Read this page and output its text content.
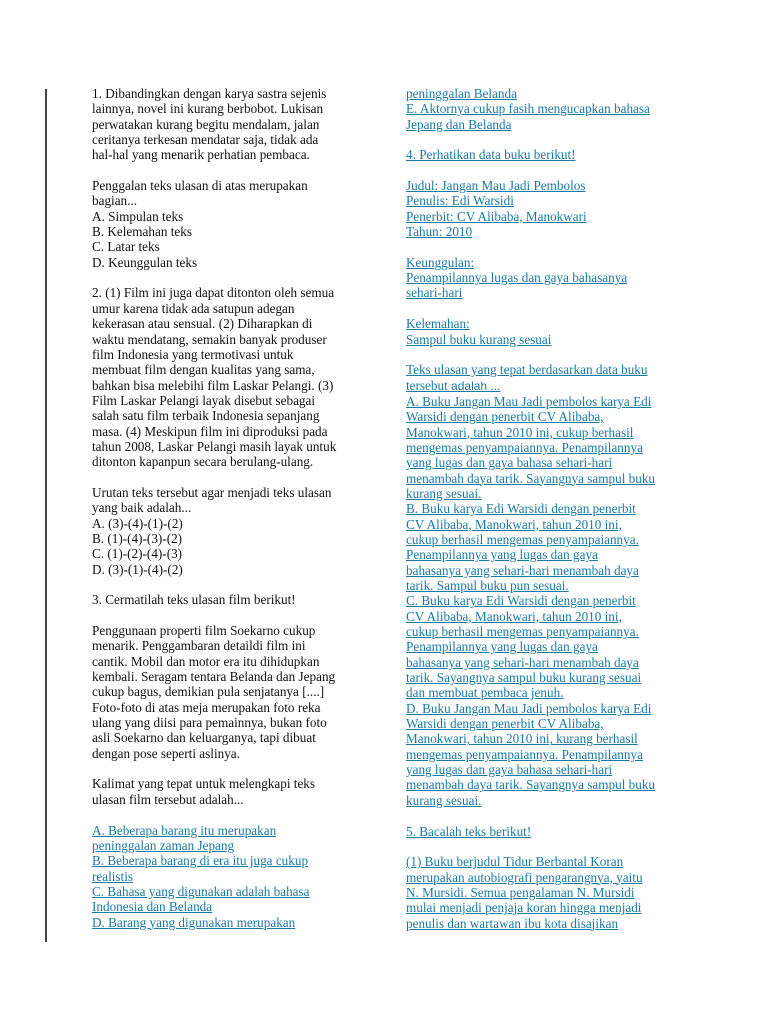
1. Dibandingkan dengan karya sastra sejenis
lainnya, novel ini kurang berbobot. Lukisan
perwatakan kurang begitu mendalam, jalan
ceritanya terkesan mendatar saja, tidak ada
hal-hal yang menarik perhatian pembaca.
Penggalan teks ulasan di atas merupakan
bagian...
A. Simpulan teks
B. Kelemahan teks
C. Latar teks
D. Keunggulan teks
2. (1) Film ini juga dapat ditonton oleh semua
umur karena tidak ada satupun adegan
kekerasan atau sensual. (2) Diharapkan di
waktu mendatang, semakin banyak produser
film Indonesia yang termotivasi untuk
membuat film dengan kualitas yang sama,
bahkan bisa melebihi film Laskar Pelangi. (3)
Film Laskar Pelangi layak disebut sebagai
salah satu film terbaik Indonesia sepanjang
masa. (4) Meskipun film ini diproduksi pada
tahun 2008, Laskar Pelangi masih layak untuk
ditonton kapanpun secara berulang-ulang.
Urutan teks tersebut agar menjadi teks ulasan
yang baik adalah...
A. (3)-(4)-(1)-(2)
B. (1)-(4)-(3)-(2)
C. (1)-(2)-(4)-(3)
D. (3)-(1)-(4)-(2)
3. Cermatilah teks ulasan film berikut!
Penggunaan properti film Soekarno cukup
menarik. Penggambaran detaildi film ini
cantik. Mobil dan motor era itu dihidupkan
kembali. Seragam tentara Belanda dan Jepang
cukup bagus, demikian pula senjatanya [....]
Foto-foto di atas meja merupakan foto reka
ulang yang diisi para pemainnya, bukan foto
asli Soekarno dan keluarganya, tapi dibuat
dengan pose seperti aslinya.
Kalimat yang tepat untuk melengkapi teks
ulasan film tersebut adalah...
A. Beberapa barang itu merupakan
peninggalan zaman Jepang
B. Beberapa barang di era itu juga cukup
realistis
C. Bahasa yang digunakan adalah bahasa
Indonesia dan Belanda
D. Barang yang digunakan merupakan
peninggalan Belanda
E. Aktornya cukup fasih mengucapkan bahasa
Jepang dan Belanda
4. Perhatikan data buku berikut!
Judul: Jangan Mau Jadi Pembolos
Penulis: Edi Warsidi
Penerbit: CV Alibaba, Manokwari
Tahun: 2010
Keunggulan:
Penampilannya lugas dan gaya bahasanya
sehari-hari
Kelemahan:
Sampul buku kurang sesuai
Teks ulasan yang tepat berdasarkan data buku
tersebut adalah ...
A. Buku Jangan Mau Jadi pembolos karya Edi
Warsidi dengan penerbit CV Alibaba,
Manokwari, tahun 2010 ini, cukup berhasil
mengemas penyampaiannya. Penampilannya
yang lugas dan gaya bahasa sehari-hari
menambah daya tarik. Sayangnya sampul buku
kurang sesuai.
B. Buku karya Edi Warsidi dengan penerbit
CV Alibaba, Manokwari, tahun 2010 ini,
cukup berhasil mengemas penyampaiannya.
Penampilannya yang lugas dan gaya
bahasanya yang sehari-hari menambah daya
tarik. Sampul buku pun sesuai.
C. Buku karya Edi Warsidi dengan penerbit
CV Alibaba, Manokwari, tahun 2010 ini,
cukup berhasil mengemas penyampaiannya.
Penampilannya yang lugas dan gaya
bahasanya yang sehari-hari menambah daya
tarik. Sayangnya sampul buku kurang sesuai
dan membuat pembaca jenuh.
D. Buku Jangan Mau Jadi pembolos karya Edi
Warsidi dengan penerbit CV Alibaba,
Manokwari, tahun 2010 ini, kurang berhasil
mengemas penyampaiannya. Penampilannya
yang lugas dan gaya bahasa sehari-hari
menambah daya tarik. Sayangnya sampul buku
kurang sesuai.
5. Bacalah teks berikut!
(1) Buku berjudul Tidur Berbantal Koran
merupakan autobiografi pengarangnya, yaitu
N. Mursidi. Semua pengalaman N. Mursidi
mulai menjadi penjaja koran hingga menjadi
penulis dan wartawan ibu kota disajikan
